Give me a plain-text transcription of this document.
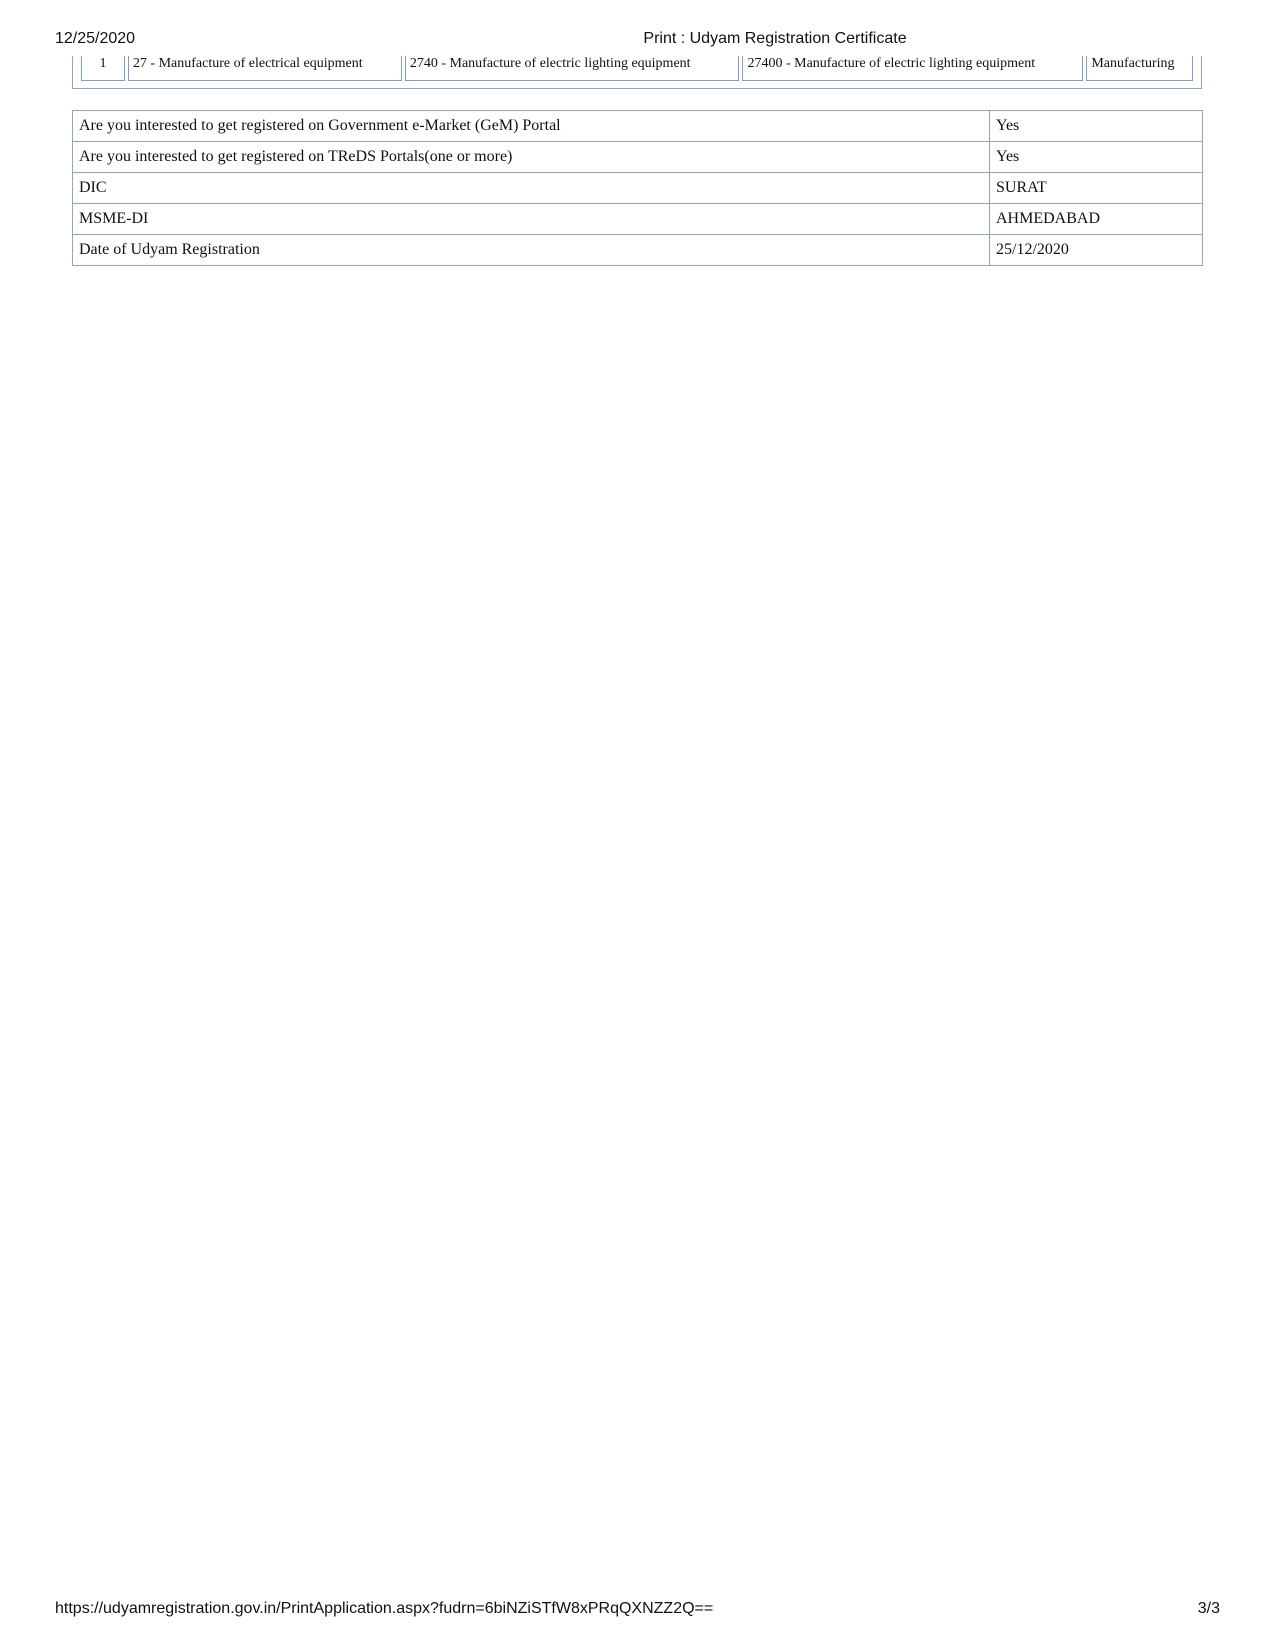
12/25/2020	Print : Udyam Registration Certificate
1	27 - Manufacture of electrical equipment	2740 - Manufacture of electric lighting equipment	27400 - Manufacture of electric lighting equipment	Manufacturing
Are you interested to get registered on Government e-Market (GeM) Portal	Yes
Are you interested to get registered on TReDS Portals(one or more)	Yes
DIC	SURAT
MSME-DI	AHMEDABAD
Date of Udyam Registration	25/12/2020
https://udyamregistration.gov.in/PrintApplication.aspx?fudrn=6biNZiSTfW8xPRqQXNZZ2Q==	3/3
